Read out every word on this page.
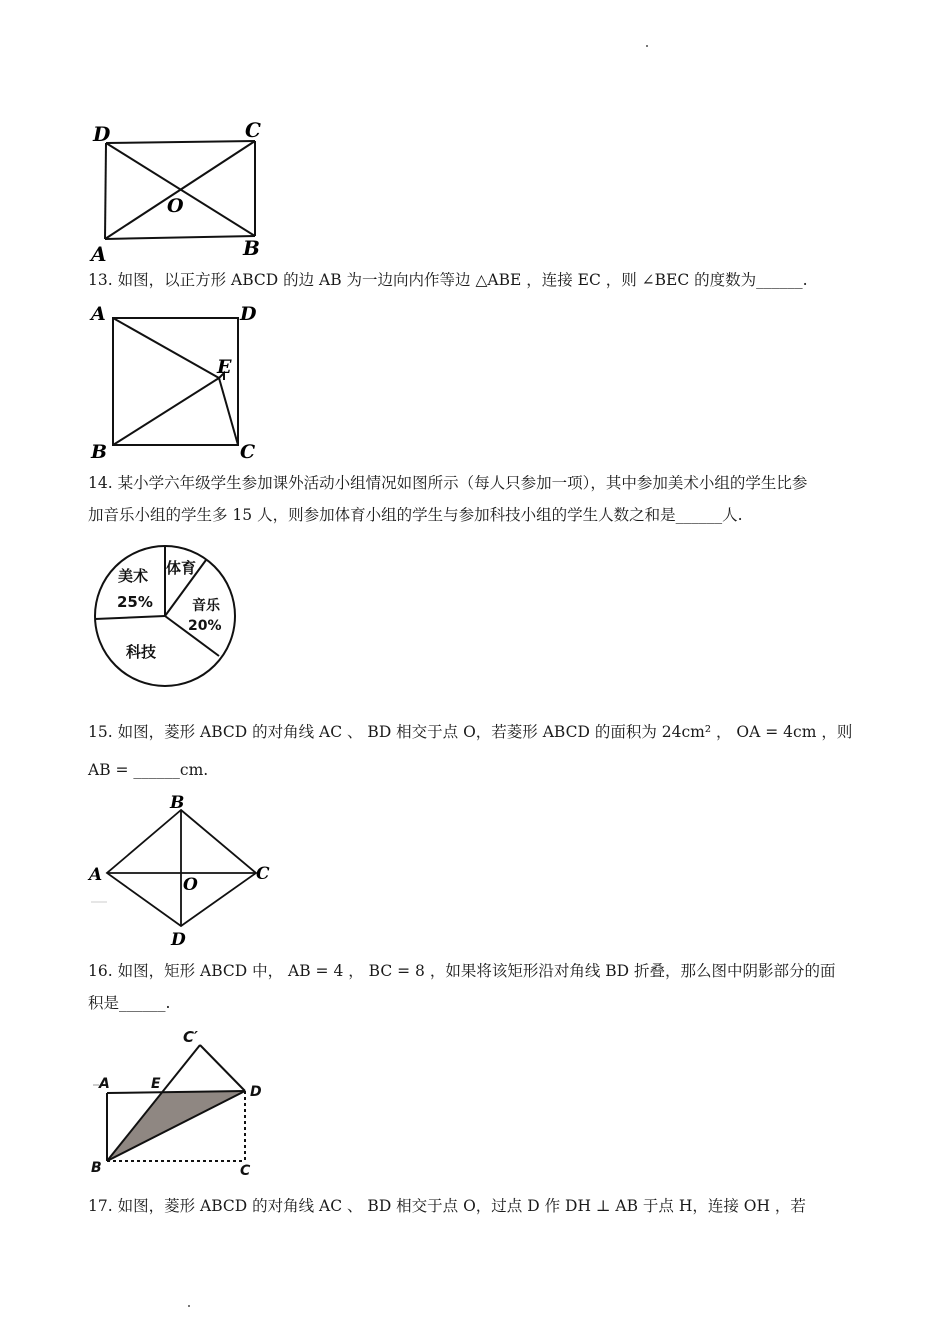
D	C
O
A	B

13. 如图，以正方形 ABCD 的边 AB 为一边向内作等边 △ABE ，连接 EC ，则 ∠BEC 的度数为______.

A	D
E
B	C

14. 某小学六年级学生参加课外活动小组情况如图所示（每人只参加一项），其中参加美术小组的学生比参
加音乐小组的学生多 15 人，则参加体育小组的学生与参加科技小组的学生人数之和是______人.

美术
25%
体育
音乐
20%
科技

15. 如图，菱形 ABCD 的对角线 AC 、 BD 相交于点 O，若菱形 ABCD 的面积为 24cm² ， OA = 4cm ，则
AB = ______cm.

B
A	O
C
D

16. 如图，矩形 ABCD 中， AB = 4 ， BC = 8 ，如果将该矩形沿对角线 BD 折叠，那么图中阴影部分的面
积是______.

C′
A	E	D
B	C

17. 如图，菱形 ABCD 的对角线 AC 、 BD 相交于点 O，过点 D 作 DH ⊥ AB 于点 H，连接 OH ，若
